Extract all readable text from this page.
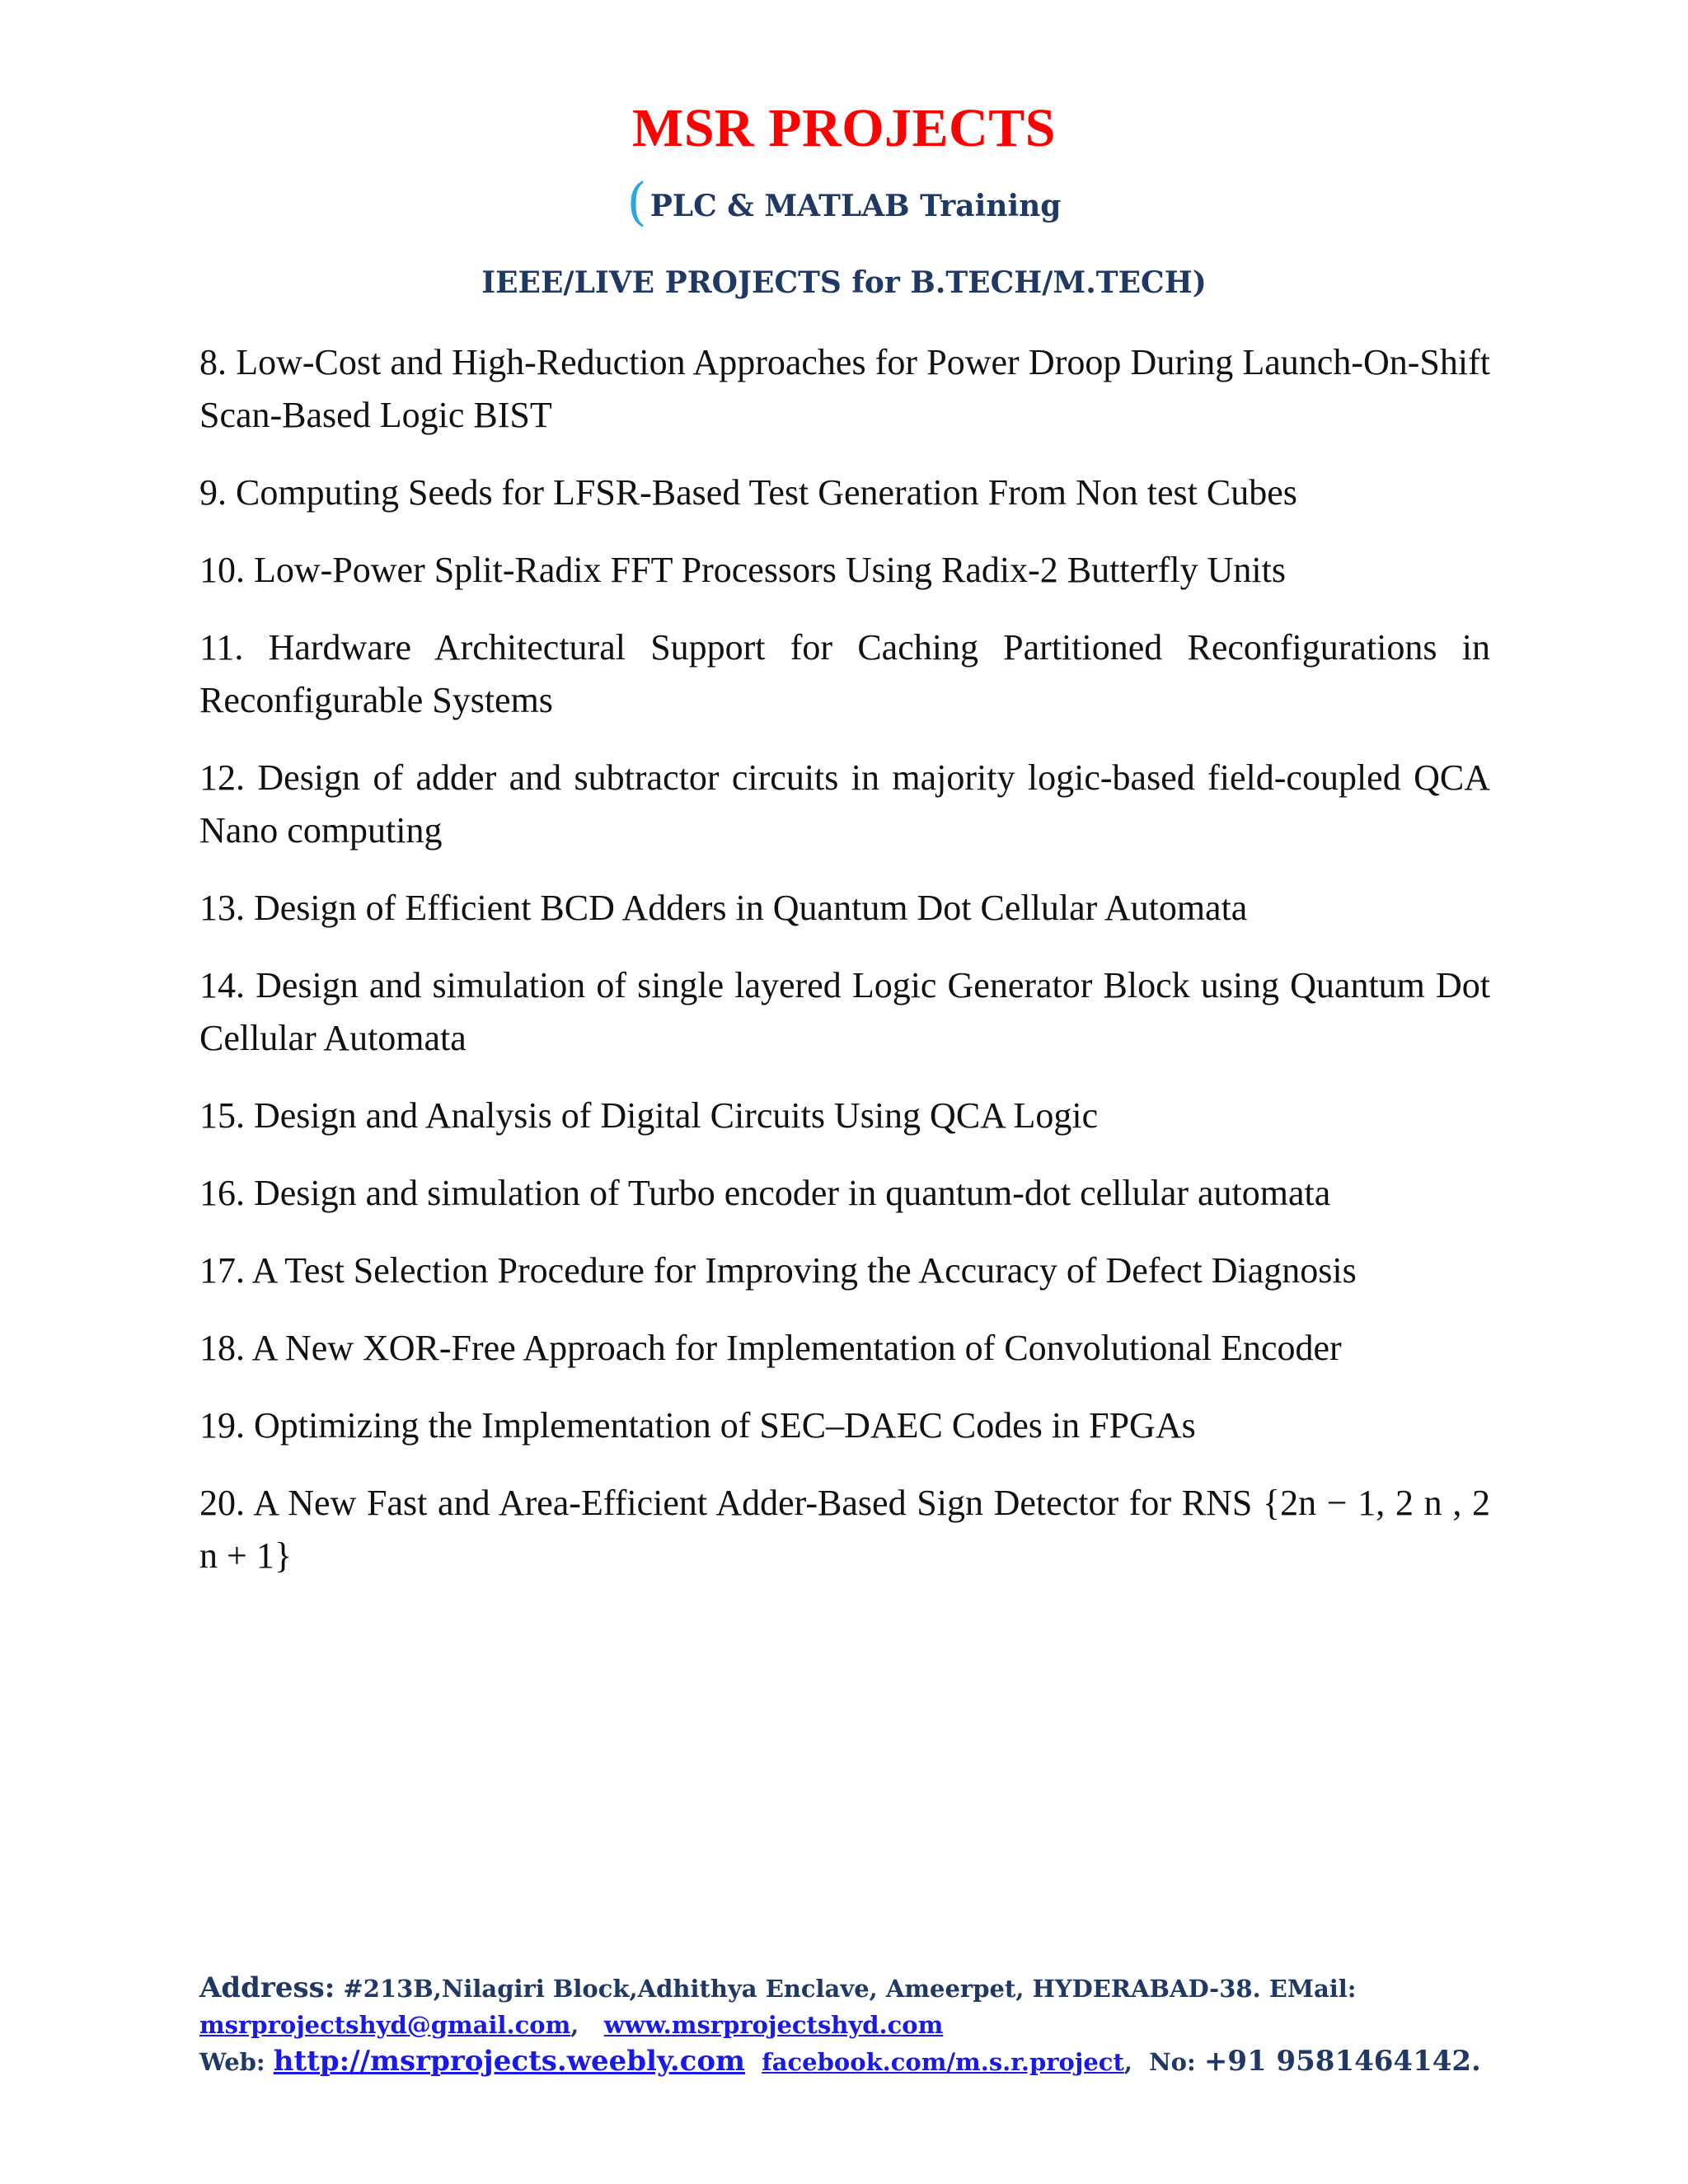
MSR PROJECTS
( PLC & MATLAB Training
IEEE/LIVE PROJECTS for B.TECH/M.TECH)
8. Low-Cost and High-Reduction Approaches for Power Droop During Launch-On-Shift Scan-Based Logic BIST
9. Computing Seeds for LFSR-Based Test Generation From Non test Cubes
10. Low-Power Split-Radix FFT Processors Using Radix-2 Butterfly Units
11. Hardware Architectural Support for Caching Partitioned Reconfigurations in Reconfigurable Systems
12. Design of adder and subtractor circuits in majority logic-based field-coupled QCA Nano computing
13. Design of Efficient BCD Adders in Quantum Dot Cellular Automata
14. Design and simulation of single layered Logic Generator Block using Quantum Dot Cellular Automata
15. Design and Analysis of Digital Circuits Using QCA Logic
16. Design and simulation of Turbo encoder in quantum-dot cellular automata
17. A Test Selection Procedure for Improving the Accuracy of Defect Diagnosis
18. A New XOR-Free Approach for Implementation of Convolutional Encoder
19. Optimizing the Implementation of SEC–DAEC Codes in FPGAs
20. A New Fast and Area-Efficient Adder-Based Sign Detector for RNS {2n − 1, 2 n , 2 n + 1}
Address: #213B,Nilagiri Block,Adhithya Enclave, Ameerpet, HYDERABAD-38. EMail: msrprojectshyd@gmail.com,   www.msrprojectshyd.com
Web: http://msrprojects.weebly.com facebook.com/m.s.r.project,  No: +91 9581464142.
